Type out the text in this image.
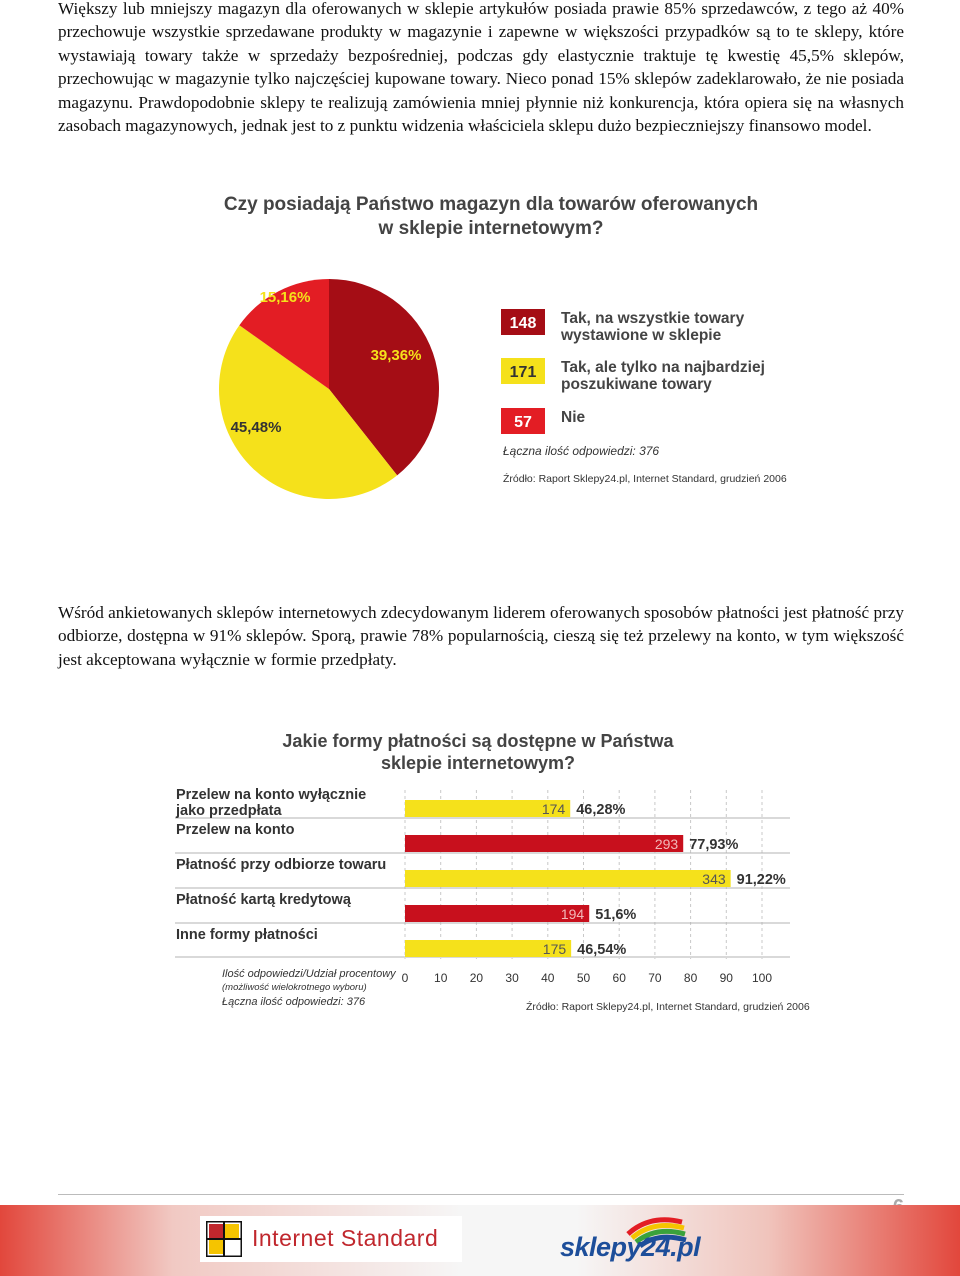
Większy lub mniejszy magazyn dla oferowanych w sklepie artykułów posiada prawie 85% sprzedawców, z tego aż 40% przechowuje wszystkie sprzedawane produkty w magazynie i zapewne w większości przypadków są to te sklepy, które wystawiają towary także w sprzedaży bezpośredniej, podczas gdy elastycznie traktuje tę kwestię 45,5% sklepów, przechowując w magazynie tylko najczęściej kupowane towary. Nieco ponad 15% sklepów zadeklarowało, że nie posiada magazynu. Prawdopodobnie sklepy te realizują zamówienia mniej płynnie niż konkurencja, która opiera się na własnych zasobach magazynowych, jednak jest to z punktu widzenia właściciela sklepu dużo bezpieczniejszy finansowo model.

Czy posiadają Państwo magazyn dla towarów oferowanych
w sklepie internetowym?
39,36%
45,48%
15,16%
148 Tak, na wszystkie towary
wystawione w sklepie
171 Tak, ale tylko na najbardziej
poszukiwane towary
57 Nie
Łączna ilość odpowiedzi: 376
Źródło: Raport Sklepy24.pl, Internet Standard, grudzień 2006

Wśród ankietowanych sklepów internetowych zdecydowanym liderem oferowanych sposobów płatności jest płatność przy odbiorze, dostępna w 91% sklepów. Sporą, prawie 78% popularnością, cieszą się też przelewy na konto, w tym większość jest akceptowana wyłącznie w formie przedpłaty.

Jakie formy płatności są dostępne w Państwa
sklepie internetowym?
Przelew na konto wyłącznie
jako przedpłata	174 46,28%
Przelew na konto
293 77,93%
Płatność przy odbiorze towaru
343 91,22%
Płatność kartą kredytową
194 51,6%
Inne formy płatności
175 46,54%
0 10 20 30 40 50 60 70 80 90 100
Ilość odpowiedzi/Udział procentowy
(możliwość wielokrotnego wyboru)
Łączna ilość odpowiedzi: 376	Źródło: Raport Sklepy24.pl, Internet Standard, grudzień 2006
Internet Standard	sklepy24.pl
